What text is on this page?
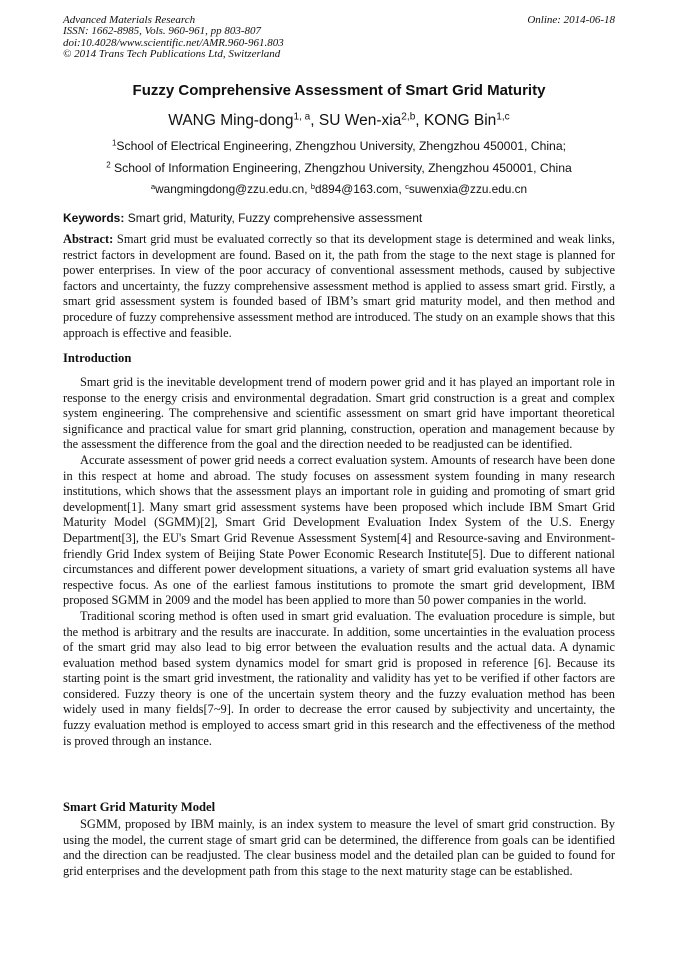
Advanced Materials Research
ISSN: 1662-8985, Vols. 960-961, pp 803-807
doi:10.4028/www.scientific.net/AMR.960-961.803
© 2014 Trans Tech Publications Ltd, Switzerland
Online: 2014-06-18
Fuzzy Comprehensive Assessment of Smart Grid Maturity
WANG Ming-dong$^{1, a}$, SU Wen-xia$^{2,b}$, KONG Bin$^{1,c}$
$^1$School of Electrical Engineering, Zhengzhou University, Zhengzhou 450001, China;
$^2$ School of Information Engineering, Zhengzhou University, Zhengzhou 450001, China
$^a$wangmingdong@zzu.edu.cn, $^b$d894@163.com, $^c$suwenxia@zzu.edu.cn
Keywords: Smart grid, Maturity, Fuzzy comprehensive assessment

Abstract: Smart grid must be evaluated correctly so that its development stage is determined and weak links, restrict factors in development are found. Based on it, the path from the stage to the next stage is planned for power enterprises. In view of the poor accuracy of conventional assessment methods, caused by subjective factors and uncertainty, the fuzzy comprehensive assessment method is applied to assess smart grid. Firstly, a smart grid assessment system is founded based of IBM’s smart grid maturity model, and then method and procedure of fuzzy comprehensive assessment method are introduced. The study on an example shows that this approach is effective and feasible.

Introduction

Smart grid is the inevitable development trend of modern power grid and it has played an important role in response to the energy crisis and environmental degradation. Smart grid construction is a great and complex system engineering. The comprehensive and scientific assessment on smart grid have important theoretical significance and practical value for smart grid planning, construction, operation and management because by the assessment the difference from the goal and the direction needed to be readjusted can be identified.

Accurate assessment of power grid needs a correct evaluation system. Amounts of research have been done in this respect at home and abroad. The study focuses on assessment system founding in many research institutions, which shows that the assessment plays an important role in guiding and promoting of smart grid development[1]. Many smart grid assessment systems have been proposed which include IBM Smart Grid Maturity Model (SGMM)[2], Smart Grid Development Evaluation Index System of the U.S. Energy Department[3], the EU's Smart Grid Revenue Assessment System[4] and Resource-saving and Environment-friendly Grid Index system of Beijing State Power Economic Research Institute[5]. Due to different national circumstances and different power development situations, a variety of smart grid evaluation systems all have respective focus. As one of the earliest famous institutions to promote the smart grid development, IBM proposed SGMM in 2009 and the model has been applied to more than 50 power companies in the world.

Traditional scoring method is often used in smart grid evaluation. The evaluation procedure is simple, but the method is arbitrary and the results are inaccurate. In addition, some uncertainties in the evaluation process of the smart grid may also lead to big error between the evaluation results and the actual data. A dynamic evaluation method based system dynamics model for smart grid is proposed in reference [6]. Because its starting point is the smart grid investment, the rationality and validity has yet to be verified if other factors are considered. Fuzzy theory is one of the uncertain system theory and the fuzzy evaluation method has been widely used in many fields[7~9]. In order to decrease the error caused by subjectivity and uncertainty, the fuzzy evaluation method is employed to access smart grid in this research and the effectiveness of the method is proved through an instance.

Smart Grid Maturity Model

SGMM, proposed by IBM mainly, is an index system to measure the level of smart grid construction. By using the model, the current stage of smart grid can be determined, the difference from goals can be identified and the direction can be readjusted. The clear business model and the detailed plan can be guided to found for grid enterprises and the development path from this stage to the next maturity stage can be established.
